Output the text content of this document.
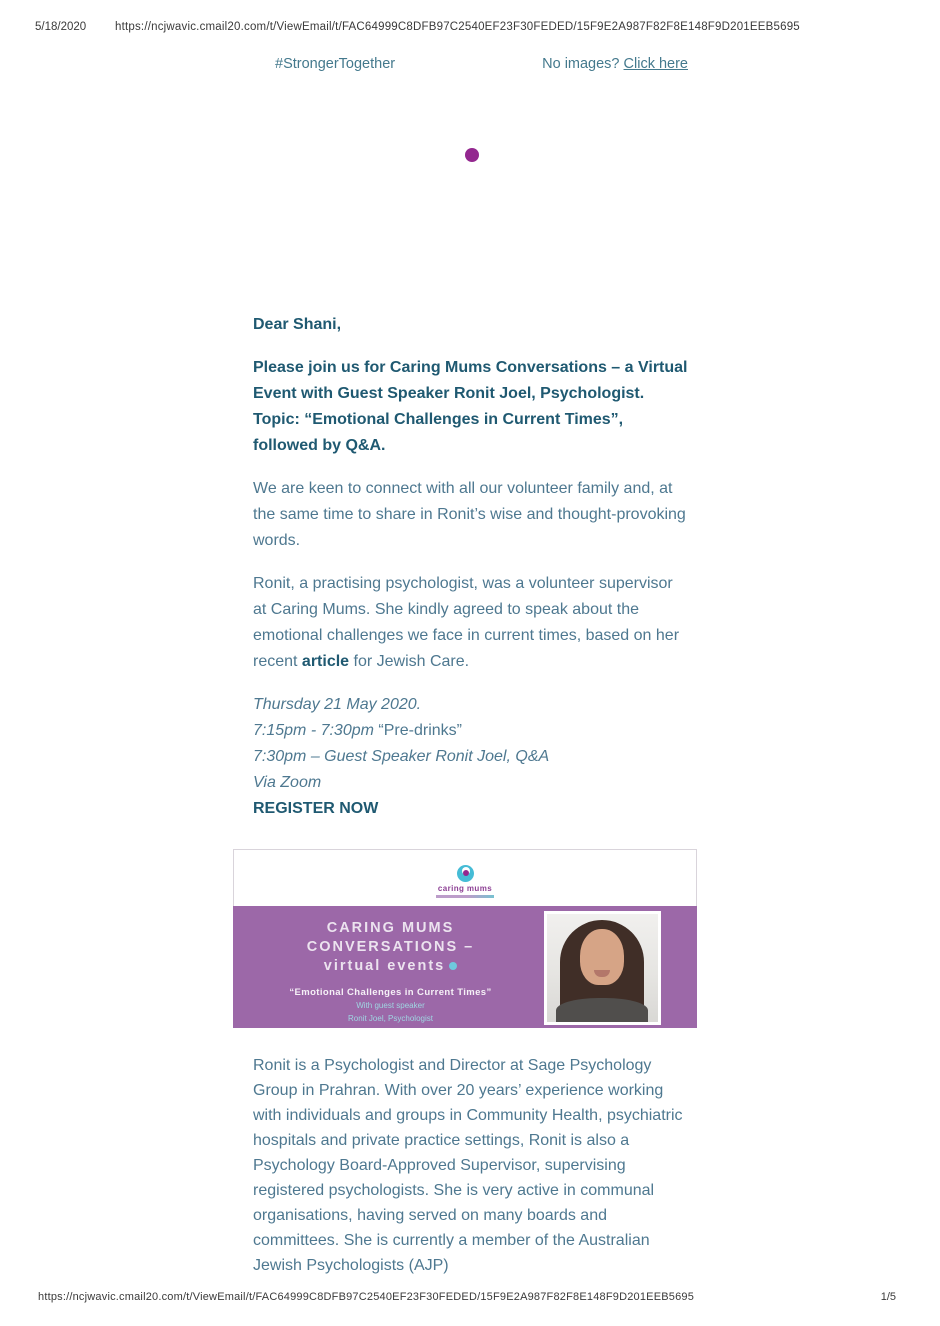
5/18/2020	https://ncjwavic.cmail20.com/t/ViewEmail/t/FAC64999C8DFB97C2540EF23F30FEDED/15F9E2A987F82F8E148F9D201EEB5695
#StrongerTogether	No images? Click here

Dear Shani,

Please join us for Caring Mums Conversations – a Virtual Event with Guest Speaker Ronit Joel, Psychologist. Topic: “Emotional Challenges in Current Times”, followed by Q&A.

We are keen to connect with all our volunteer family and, at the same time to share in Ronit’s wise and thought-provoking words.

Ronit, a practising psychologist, was a volunteer supervisor at Caring Mums. She kindly agreed to speak about the emotional challenges we face in current times, based on her recent article for Jewish Care.

Thursday 21 May 2020.

7:15pm - 7:30pm “Pre-drinks”

7:30pm – Guest Speaker Ronit Joel, Q&A

Via Zoom

REGISTER NOW
caring mums
CARING MUMS
CONVERSATIONS –
virtual events
“Emotional Challenges in Current Times”
With guest speaker
Ronit Joel, Psychologist

Ronit is a Psychologist and Director at Sage Psychology Group in Prahran. With over 20 years’ experience working with individuals and groups in Community Health, psychiatric hospitals and private practice settings, Ronit is also a Psychology Board-Approved Supervisor, supervising registered psychologists. She is very active in communal organisations, having served on many boards and committees. She is currently a member of the Australian Jewish Psychologists (AJP)

https://ncjwavic.cmail20.com/t/ViewEmail/t/FAC64999C8DFB97C2540EF23F30FEDED/15F9E2A987F82F8E148F9D201EEB5695	1/5
